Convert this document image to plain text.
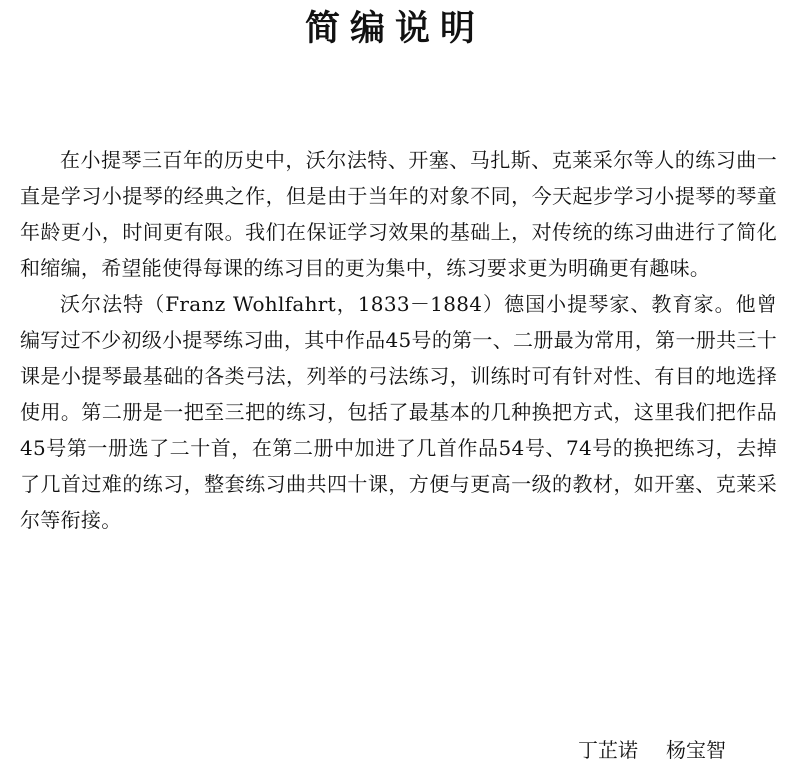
简编说明

在小提琴三百年的历史中，沃尔法特、开塞、马扎斯、克莱采尔等人的练习曲一直是学习小提琴的经典之作，但是由于当年的对象不同，今天起步学习小提琴的琴童年龄更小，时间更有限。我们在保证学习效果的基础上，对传统的练习曲进行了简化和缩编，希望能使得每课的练习目的更为集中，练习要求更为明确更有趣味。

沃尔法特（Franz Wohlfahrt，1833－1884）德国小提琴家、教育家。他曾编写过不少初级小提琴练习曲，其中作品45号的第一、二册最为常用，第一册共三十课是小提琴最基础的各类弓法，列举的弓法练习，训练时可有针对性、有目的地选择使用。第二册是一把至三把的练习，包括了最基本的几种换把方式，这里我们把作品45号第一册选了二十首，在第二册中加进了几首作品54号、74号的换把练习，去掉了几首过难的练习，整套练习曲共四十课，方便与更高一级的教材，如开塞、克莱采尔等衔接。

丁芷诺 杨宝智
